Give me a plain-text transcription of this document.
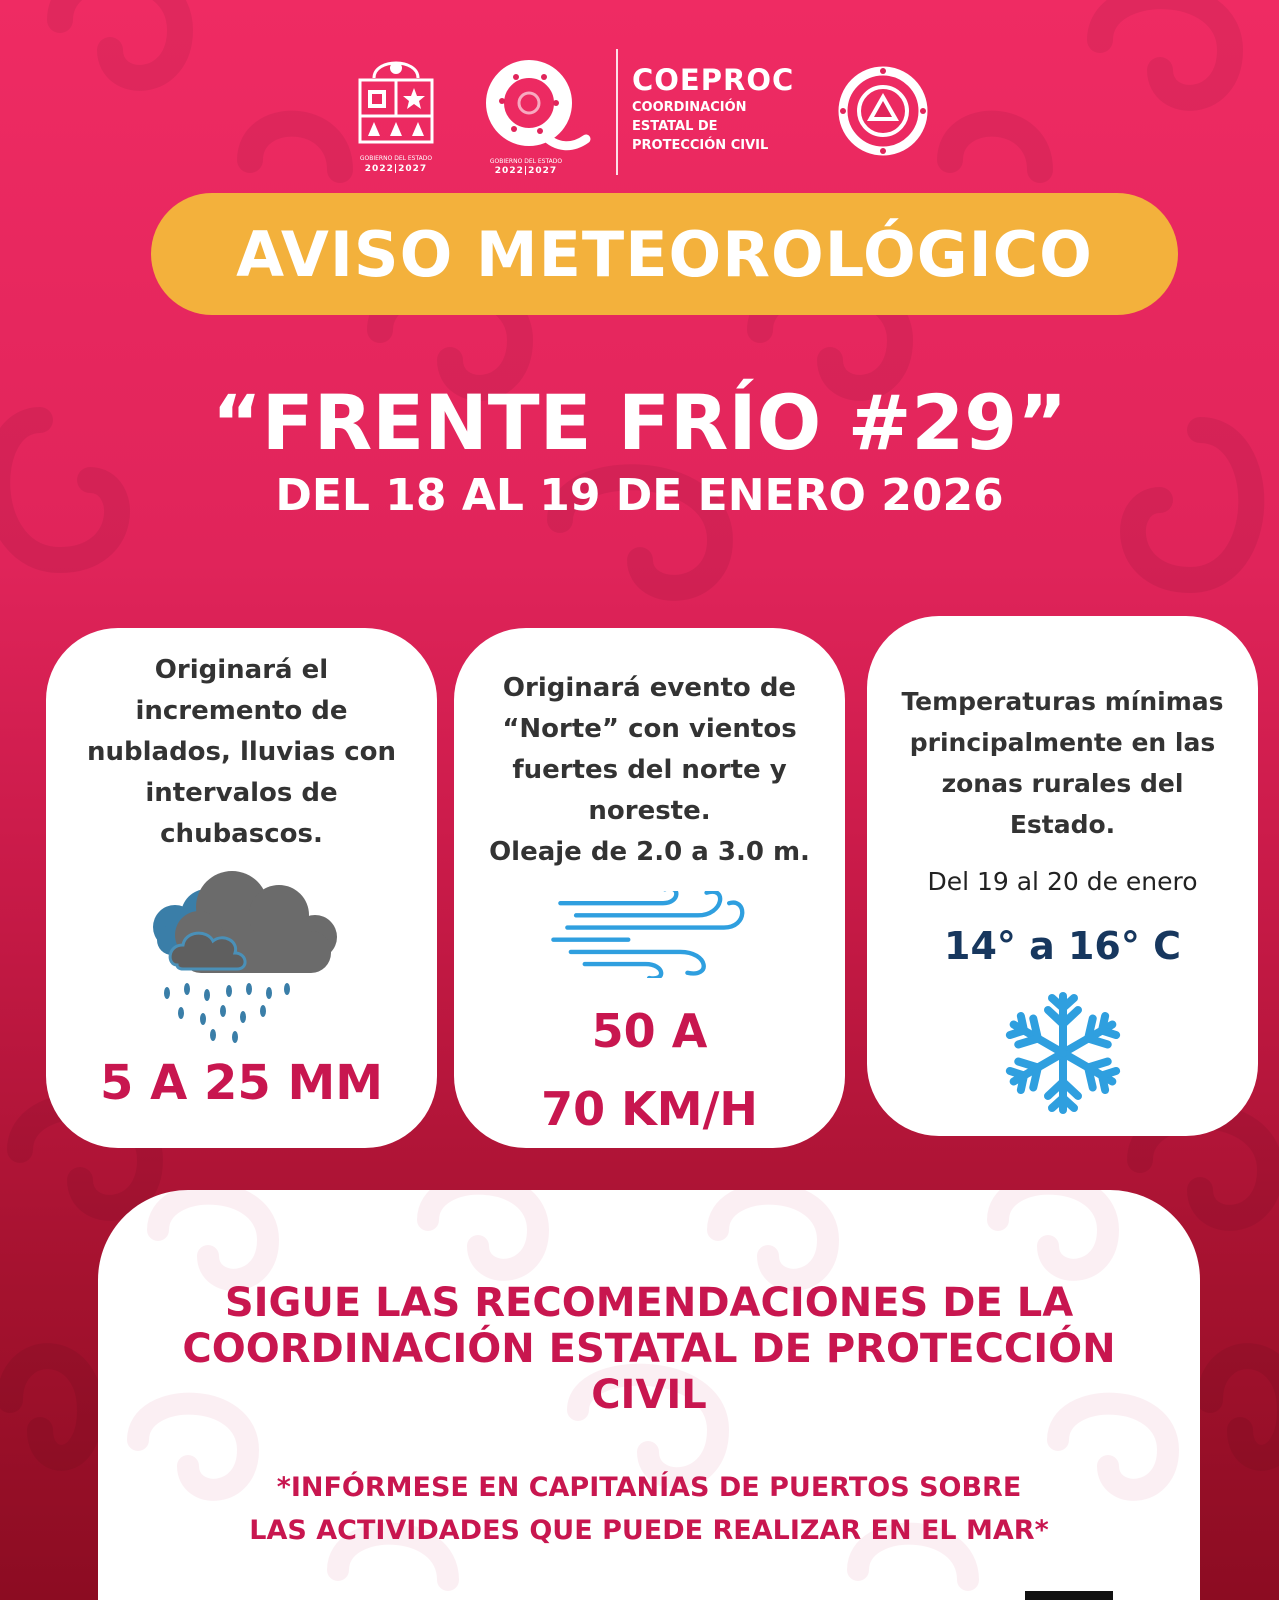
GOBIERNO DEL ESTADO
2022|2027
GOBIERNO DEL ESTADO
2022|2027
COEPROC
COORDINACIÓN
ESTATAL DE
PROTECCIÓN CIVIL
AVISO METEOROLÓGICO
“FRENTE FRÍO #29”
DEL 18 AL 19 DE ENERO 2026
Originará el
incremento de
nublados, lluvias con
intervalos de
chubascos.
5 A 25 MM
Originará evento de
“Norte” con vientos
fuertes del norte y
noreste.
Oleaje de 2.0 a 3.0 m.
50 A
70 KM/H
Temperaturas mínimas
principalmente en las
zonas rurales del
Estado.
Del 19 al 20 de enero
14° a 16° C
SIGUE LAS RECOMENDACIONES DE LA
COORDINACIÓN ESTATAL DE PROTECCIÓN
CIVIL
*INFÓRMESE EN CAPITANÍAS DE PUERTOS SOBRE
LAS ACTIVIDADES QUE PUEDE REALIZAR EN EL MAR*
